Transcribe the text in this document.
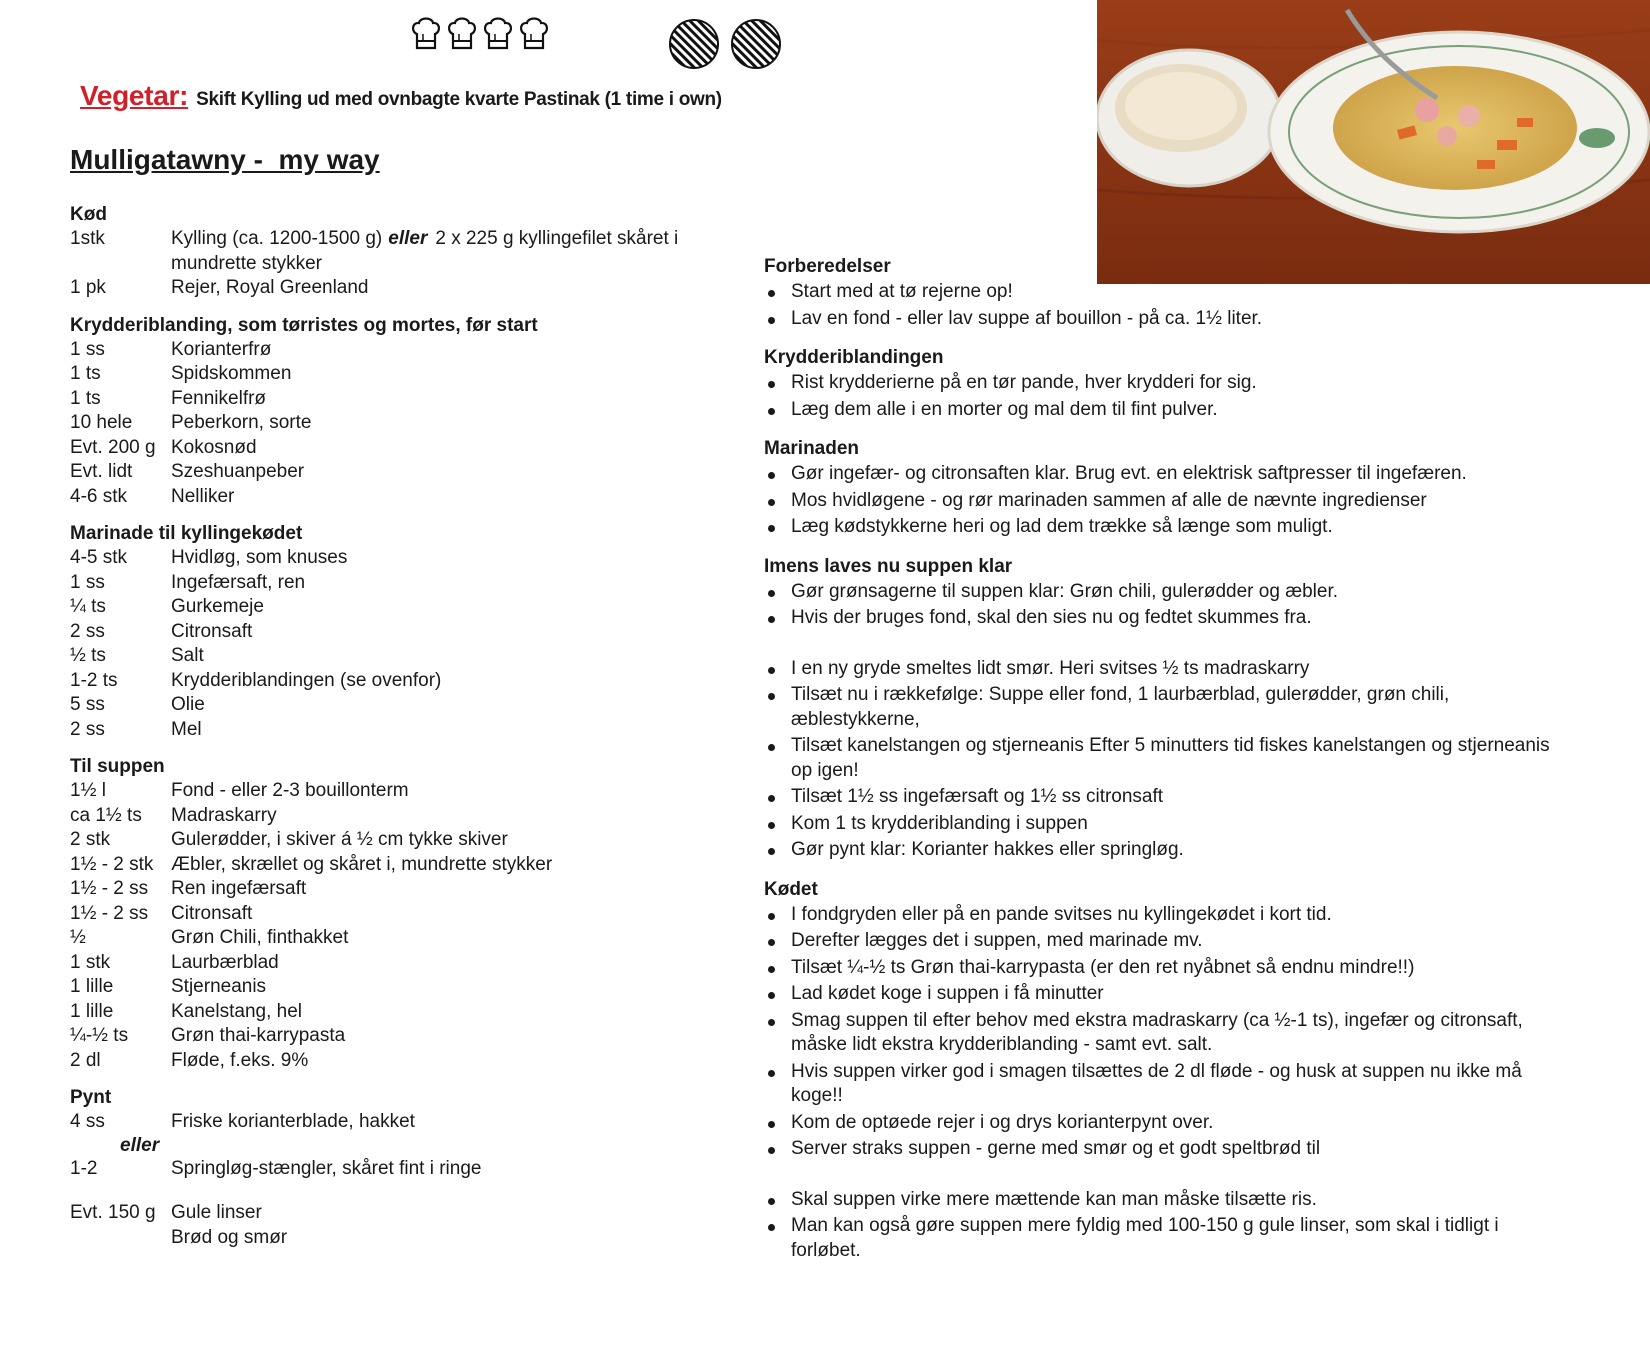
Vegetar: Skift Kylling ud med ovnbagte kvarte Pastinak (1 time i own)
Mulligatawny -  my way
Kød
1stk	Kylling (ca. 1200-1500 g) eller 2 x 225 g kyllingefilet skåret i mundrette stykker
1 pk	Rejer, Royal Greenland
Krydderiblanding, som tørristes og mortes, før start
1 ss	Korianterfrø
1 ts	Spidskommen
1 ts	Fennikelfrø
10 hele	Peberkorn, sorte
Evt. 200 g Kokosnød
Evt. lidt	Szeshuanpeber
4-6 stk	Nelliker
Marinade til kyllingekødet
4-5 stk	Hvidløg, som knuses
1 ss	Ingefærsaft, ren
¼ ts	Gurkemeje
2 ss	Citronsaft
½ ts	Salt
1-2 ts	Krydderiblandingen (se ovenfor)
5 ss	Olie
2 ss	Mel
Til suppen
1½ l	Fond - eller 2-3 bouillonterm
ca 1½ ts	Madraskarry
2 stk	Gulerødder, i skiver á ½ cm tykke skiver
1½ - 2 stk Æbler, skrællet og skåret i, mundrette stykker
1½ - 2 ss	Ren ingefærsaft
1½ - 2 ss	Citronsaft
½	Grøn Chili, finthakket
1 stk	Laurbærblad
1 lille	Stjerneanis
1 lille	Kanelstang, hel
¼-½ ts	Grøn thai-karrypasta
2 dl	Fløde, f.eks. 9%
Pynt
4 ss	Friske korianterblade, hakket
eller
1-2	Springløg-stængler, skåret fint i ringe
Evt. 150 g Gule linser
Brød og smør
Forberedelser
Start med at tø rejerne op!
Lav en fond - eller lav suppe af bouillon - på ca. 1½ liter.
Krydderiblandingen
Rist krydderierne på en tør pande, hver krydderi for sig.
Læg dem alle i en morter og mal dem til fint pulver.
Marinaden
Gør ingefær- og citronsaften klar. Brug evt. en elektrisk saftpresser til ingefæren.
Mos hvidløgene - og rør marinaden sammen af alle de nævnte ingredienser
Læg kødstykkerne heri og lad dem trække så længe som muligt.
Imens laves nu suppen klar
Gør grønsagerne til suppen klar: Grøn chili, gulerødder og æbler.
Hvis der bruges fond, skal den sies nu og fedtet skummes fra.
I en ny gryde smeltes lidt smør. Heri svitses ½ ts madraskarry
Tilsæt nu i rækkefølge: Suppe eller fond, 1 laurbærblad, gulerødder, grøn chili, æblestykkerne,
Tilsæt kanelstangen og stjerneanis Efter 5 minutters tid fiskes kanelstangen og stjerneanis op igen!
Tilsæt 1½ ss ingefærsaft og 1½ ss citronsaft
Kom 1 ts krydderiblanding i suppen
Gør pynt klar: Korianter hakkes eller springløg.
Kødet
I fondgryden eller på en pande svitses nu kyllingekødet i kort tid.
Derefter lægges det i suppen, med marinade mv.
Tilsæt ¼-½ ts Grøn thai-karrypasta (er den ret nyåbnet så endnu mindre!!)
Lad kødet koge i suppen i få minutter
Smag suppen til efter behov med ekstra madraskarry (ca ½-1 ts), ingefær og citronsaft, måske lidt ekstra krydderiblanding - samt evt. salt.
Hvis suppen virker god i smagen tilsættes de 2 dl fløde - og husk at suppen nu ikke må koge!!
Kom de optøede rejer i og drys korianterpynt over.
Server straks suppen - gerne med smør og et godt speltbrød til
Skal suppen virke mere mættende kan man måske tilsætte ris.
Man kan også gøre suppen mere fyldig med 100-150 g gule linser, som skal i tidligt i forløbet.
